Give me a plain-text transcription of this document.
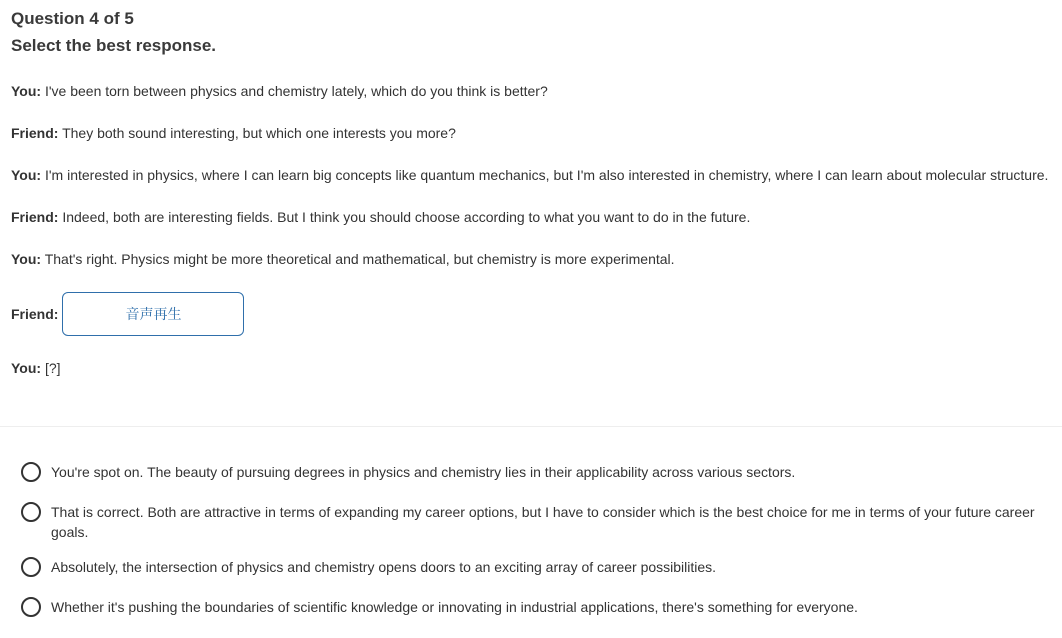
Question 4 of 5

Select the best response.

You: I've been torn between physics and chemistry lately, which do you think is better?
Friend: They both sound interesting, but which one interests you more?
You: I'm interested in physics, where I can learn big concepts like quantum mechanics, but I'm also interested in chemistry, where I can learn about molecular structure.
Friend: Indeed, both are interesting fields. But I think you should choose according to what you want to do in the future.
You: That's right. Physics might be more theoretical and mathematical, but chemistry is more experimental.
Friend:	音声再生
You: [?]
You're spot on. The beauty of pursuing degrees in physics and chemistry lies in their applicability across various sectors.
That is correct. Both are attractive in terms of expanding my career options, but I have to consider which is the best choice for me in terms of your future career goals.
Absolutely, the intersection of physics and chemistry opens doors to an exciting array of career possibilities.
Whether it's pushing the boundaries of scientific knowledge or innovating in industrial applications, there's something for everyone.
